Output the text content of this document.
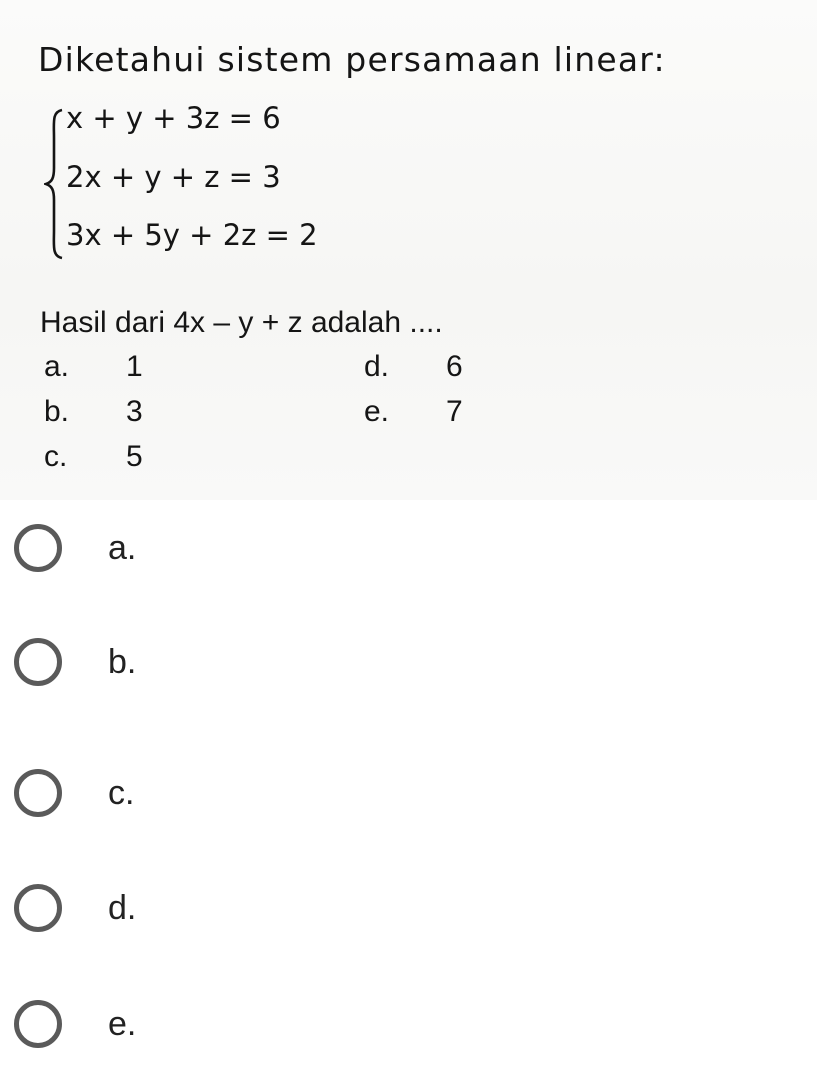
Diketahui sistem persamaan linear:
x + y + 3z = 6
2x + y + z = 3
3x + 5y + 2z = 2
Hasil dari 4x – y + z adalah ....
a. 1
b. 3
c. 5
d. 6
e. 7
a.
b.
c.
d.
e.
